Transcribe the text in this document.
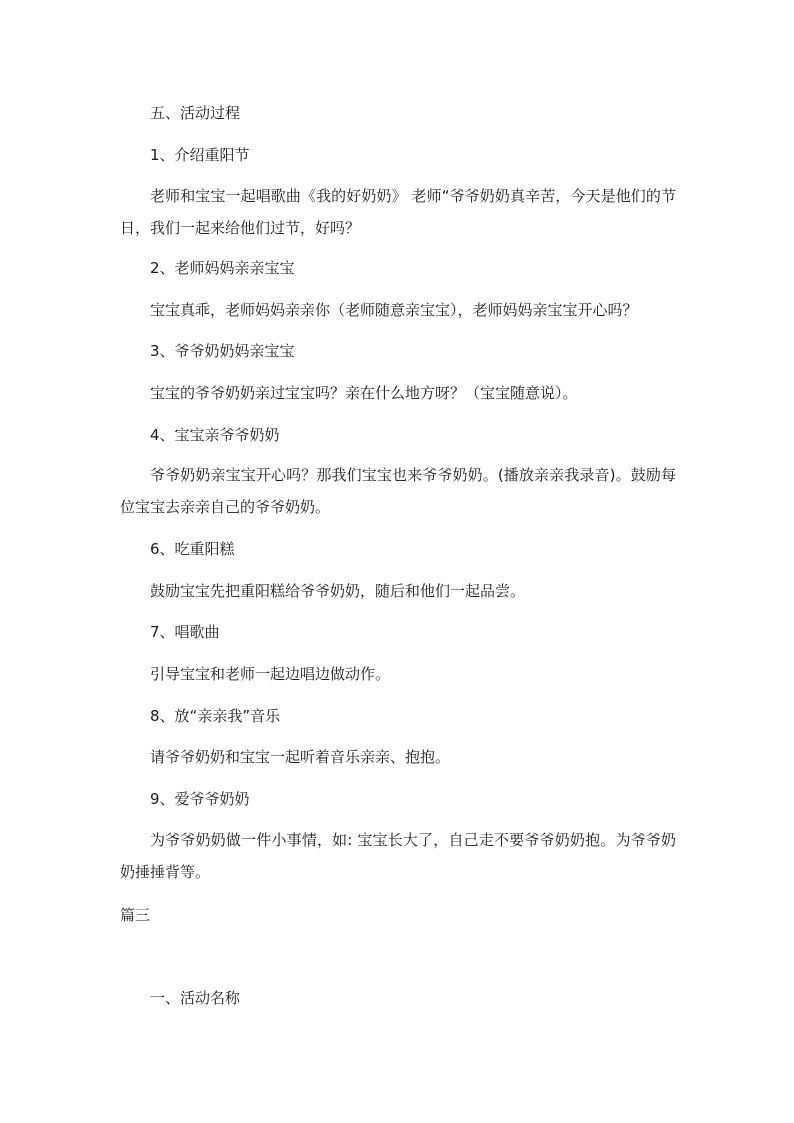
五、活动过程
1、介绍重阳节
老师和宝宝一起唱歌曲《我的好奶奶》 老师“爷爷奶奶真辛苦，今天是他们的节日，我们一起来给他们过节，好吗？
2、老师妈妈亲亲宝宝
宝宝真乖，老师妈妈亲亲你（老师随意亲宝宝），老师妈妈亲宝宝开心吗？
3、爷爷奶奶妈亲宝宝
宝宝的爷爷奶奶亲过宝宝吗？亲在什么地方呀？（宝宝随意说）。
4、宝宝亲爷爷奶奶
爷爷奶奶亲宝宝开心吗？那我们宝宝也来爷爷奶奶。(播放亲亲我录音)。鼓励每位宝宝去亲亲自己的爷爷奶奶。
6、吃重阳糕
鼓励宝宝先把重阳糕给爷爷奶奶，随后和他们一起品尝。
7、唱歌曲
引导宝宝和老师一起边唱边做动作。
8、放“亲亲我”音乐
请爷爷奶奶和宝宝一起听着音乐亲亲、抱抱。
9、爱爷爷奶奶
为爷爷奶奶做一件小事情，如: 宝宝长大了，自己走不要爷爷奶奶抱。为爷爷奶奶捶捶背等。
篇三
一、活动名称
